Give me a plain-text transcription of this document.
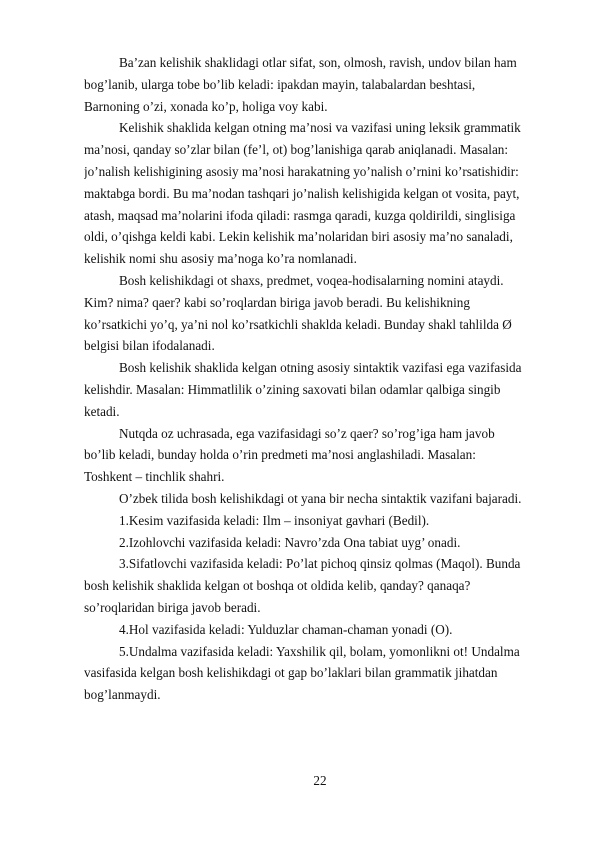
Ba’zan kelishik shaklidagi otlar sifat, son, olmosh, ravish, undov bilan ham
bog’lanib, ularga tobe bo’lib keladi: ipakdan mayin, talabalardan beshtasi,
Barnoning o’zi, xonada ko’p, holiga voy kabi.
Kelishik shaklida kelgan otning ma’nosi va vazifasi uning leksik grammatik
ma’nosi, qanday so’zlar bilan (fe’l, ot) bog’lanishiga qarab aniqlanadi. Masalan:
jo’nalish kelishigining asosiy ma’nosi harakatning yo’nalish o’rnini ko’rsatishidir:
maktabga bordi. Bu ma’nodan tashqari jo’nalish kelishigida kelgan ot vosita, payt,
atash, maqsad ma’nolarini ifoda qiladi: rasmga qaradi, kuzga qoldirildi, singlisiga
oldi, o’qishga keldi kabi. Lekin kelishik ma’nolaridan biri asosiy ma’no sanaladi,
kelishik nomi shu asosiy ma’noga ko’ra nomlanadi.
Bosh kelishikdagi ot shaxs, predmet, voqea-hodisalarning nomini ataydi.
Kim? nima? qaer? kabi so’roqlardan biriga javob beradi. Bu kelishikning
ko’rsatkichi yo’q, ya’ni nol ko’rsatkichli shaklda keladi. Bunday shakl tahlilda Ø
belgisi bilan ifodalanadi.
Bosh kelishik shaklida kelgan otning asosiy sintaktik vazifasi ega vazifasida
kelishdir. Masalan: Himmatlilik o’zining saxovati bilan odamlar qalbiga singib
ketadi.
Nutqda oz uchrasada, ega vazifasidagi so’z qaer? so’rog’iga ham javob
bo’lib keladi, bunday holda o’rin predmeti ma’nosi anglashiladi. Masalan:
Toshkent – tinchlik shahri.
O’zbek tilida bosh kelishikdagi ot yana bir necha sintaktik vazifani bajaradi.
1.Kesim vazifasida keladi: Ilm – insoniyat gavhari (Bedil).
2.Izohlovchi vazifasida keladi: Navro’zda Ona tabiat uyg’ onadi.
3.Sifatlovchi vazifasida keladi: Po’lat pichoq qinsiz qolmas (Maqol). Bunda
bosh kelishik shaklida kelgan ot boshqa ot oldida kelib, qanday? qanaqa?
so’roqlaridan biriga javob beradi.
4.Hol vazifasida keladi: Yulduzlar chaman-chaman yonadi (O).
5.Undalma vazifasida keladi: Yaxshilik qil, bolam, yomonlikni ot! Undalma
vasifasida kelgan bosh kelishikdagi ot gap bo’laklari bilan grammatik jihatdan
bog’lanmaydi.
22
